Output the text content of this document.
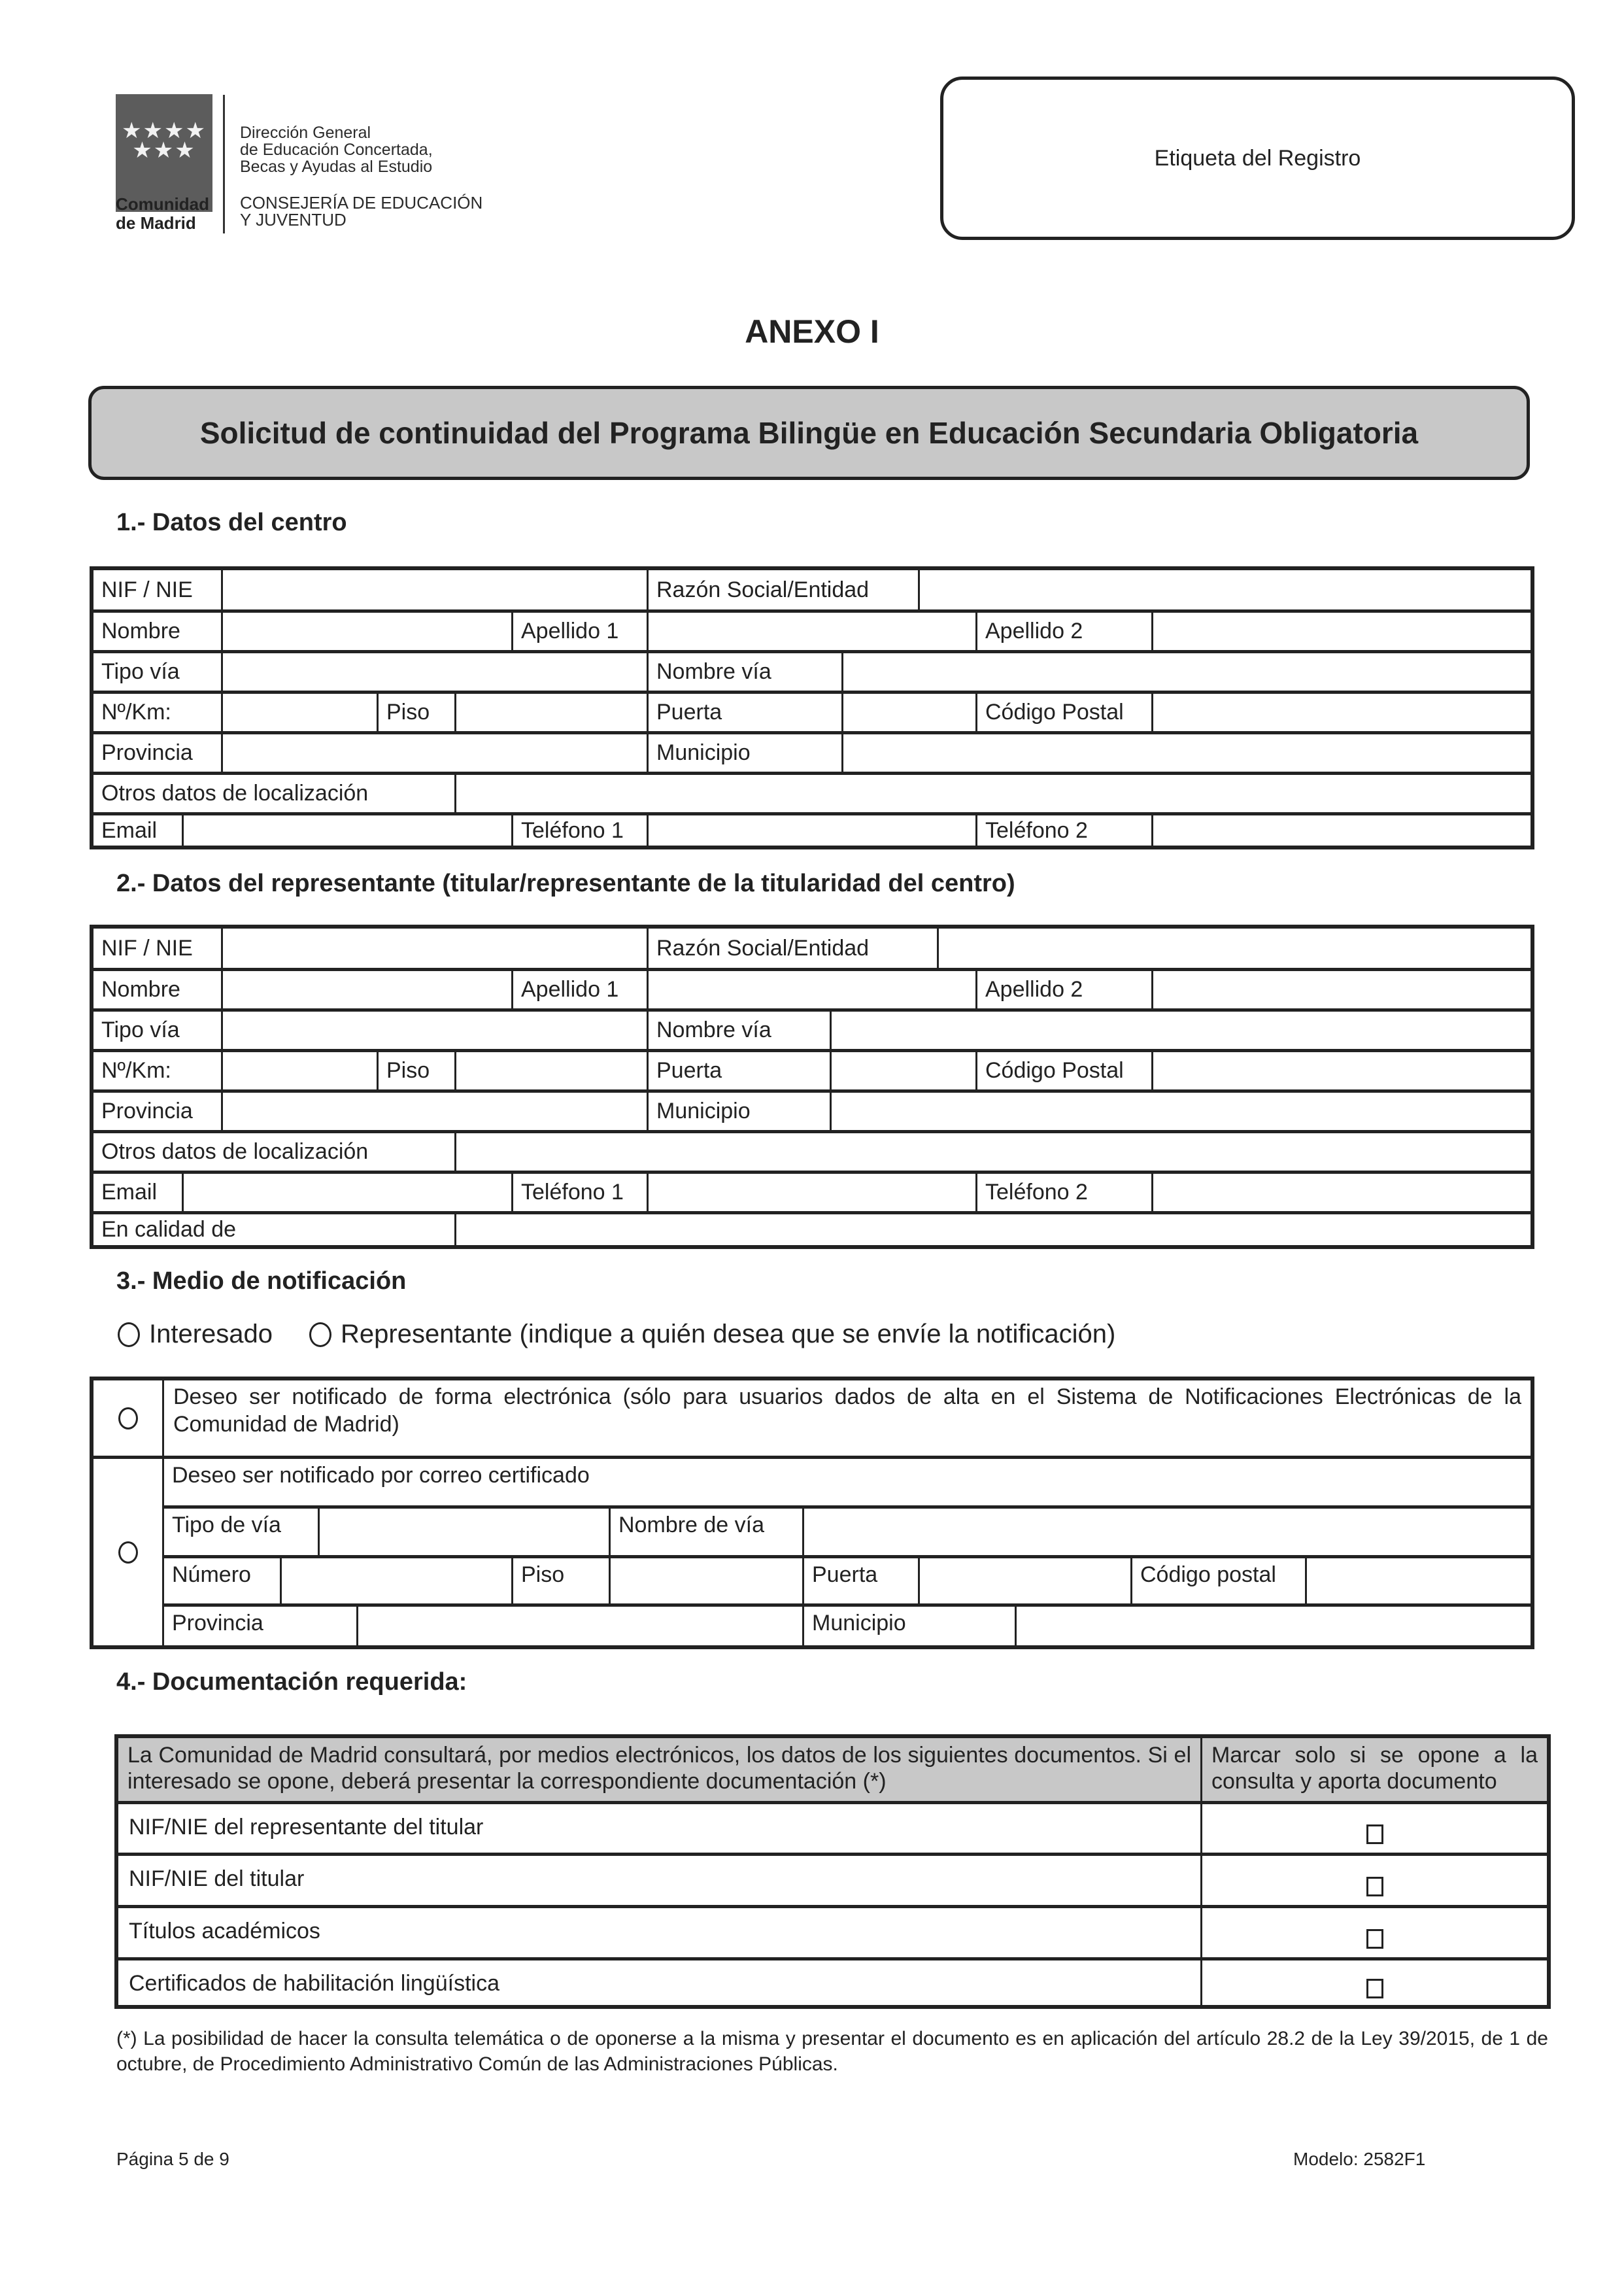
★★★★
★★★
Comunidad
de Madrid
Dirección General
de Educación Concertada,
Becas y Ayudas al Estudio
CONSEJERÍA DE EDUCACIÓN
Y JUVENTUD
Etiqueta del Registro
ANEXO I
Solicitud de continuidad del Programa Bilingüe en Educación Secundaria Obligatoria
1.- Datos del centro
NIF / NIE	Razón Social/Entidad
Nombre	Apellido 1	Apellido 2
Tipo vía	Nombre vía
Nº/Km:	Piso	Puerta	Código Postal
Provincia	Municipio
Otros datos de localización
Email	Teléfono 1	Teléfono 2
2.- Datos del representante (titular/representante de la titularidad del centro)
NIF / NIE	Razón Social/Entidad
Nombre	Apellido 1	Apellido 2
Tipo vía	Nombre vía
Nº/Km:	Piso	Puerta	Código Postal
Provincia	Municipio
Otros datos de localización
Email	Teléfono 1	Teléfono 2
En calidad de
3.- Medio de notificación
Interesado	Representante (indique a quién desea que se envíe la notificación)
Deseo ser notificado de forma electrónica (sólo para usuarios dados de alta en el Sistema de Notificaciones Electrónicas de la Comunidad de Madrid)
Deseo ser notificado por correo certificado
Tipo de vía	Nombre de vía
Número	Piso	Puerta	Código postal
Provincia	Municipio
4.- Documentación requerida:
La Comunidad de Madrid consultará, por medios electrónicos, los datos de los siguientes documentos. Si el interesado se opone, deberá presentar la correspondiente documentación (*)
Marcar solo si se opone a la consulta y aporta documento
NIF/NIE del representante del titular
NIF/NIE del titular
Títulos académicos
Certificados de habilitación lingüística
(*) La posibilidad de hacer la consulta telemática o de oponerse a la misma y presentar el documento es en aplicación del artículo 28.2 de la Ley 39/2015, de 1 de octubre, de Procedimiento Administrativo Común de las Administraciones Públicas.
Página 5 de 9	Modelo: 2582F1
